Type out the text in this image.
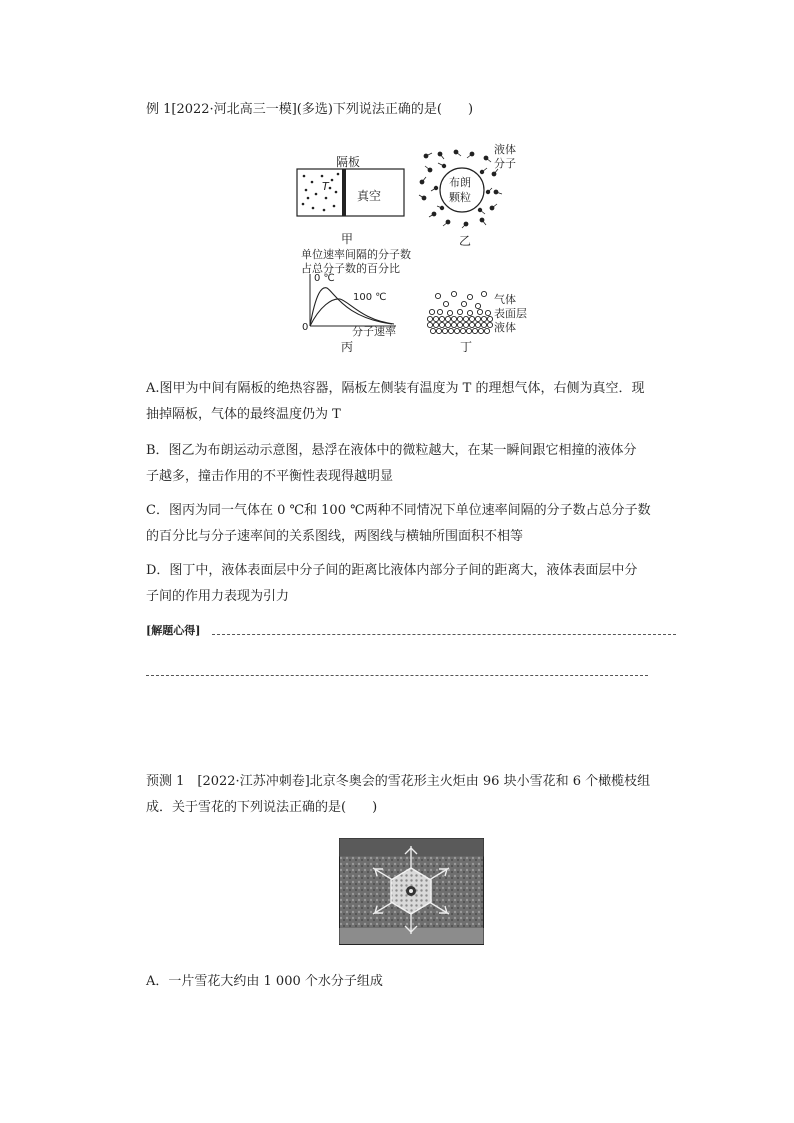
例 1[2022·河北高三一模](多选)下列说法正确的是(　　)
隔板
T
真空
甲
布朗
颗粒
液体
分子
乙
单位速率间隔的分子数
占总分子数的百分比
0 ℃
100 ℃
0	分子速率
丙
气体
表面层
液体
丁
A.图甲为中间有隔板的绝热容器，隔板左侧装有温度为 T 的理想气体，右侧为真空．现
抽掉隔板，气体的最终温度仍为 T
B．图乙为布朗运动示意图，悬浮在液体中的微粒越大，在某一瞬间跟它相撞的液体分
子越多，撞击作用的不平衡性表现得越明显
C．图丙为同一气体在 0 ℃和 100 ℃两种不同情况下单位速率间隔的分子数占总分子数
的百分比与分子速率间的关系图线，两图线与横轴所围面积不相等
D．图丁中，液体表面层中分子间的距离比液体内部分子间的距离大，液体表面层中分
子间的作用力表现为引力
[解题心得]
预测 1　[2022·江苏冲刺卷]北京冬奥会的雪花形主火炬由 96 块小雪花和 6 个橄榄枝组
成．关于雪花的下列说法正确的是(　　)
A．一片雪花大约由 1 000 个水分子组成
